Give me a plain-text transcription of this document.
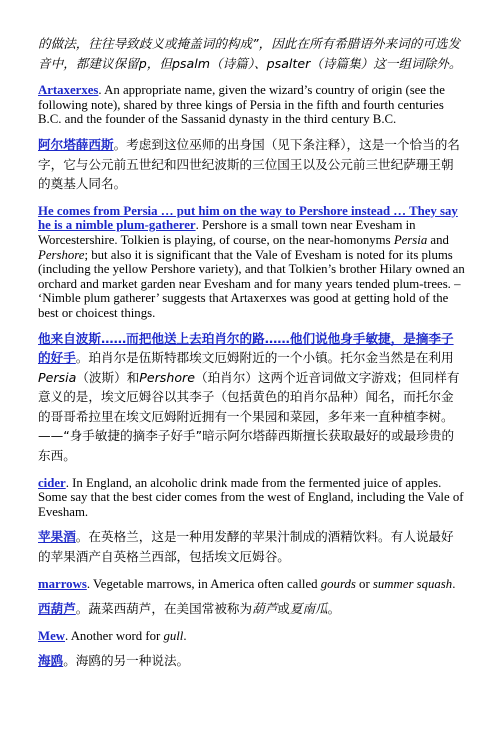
的做法，往往导致歧义或掩盖词的构成”，因此在所有希腊语外来词的可选发音中，都建议保留p，但psalm（诗篇）、psalter（诗篇集）这一组词除外。

Artaxerxes. An appropriate name, given the wizard’s country of origin (see the following note), shared by three kings of Persia in the fifth and fourth centuries B.C. and the founder of the Sassanid dynasty in the third century B.C.

阿尔塔薛西斯。考虑到这位巫师的出身国（见下条注释），这是一个恰当的名字，它与公元前五世纪和四世纪波斯的三位国王以及公元前三世纪萨珊王朝的奠基人同名。

He comes from Persia … put him on the way to Pershore instead … They say he is a nimble plum-gatherer. Pershore is a small town near Evesham in Worcestershire. Tolkien is playing, of course, on the near-homonyms Persia and Pershore; but also it is significant that the Vale of Evesham is noted for its plums (including the yellow Pershore variety), and that Tolkien’s brother Hilary owned an orchard and market garden near Evesham and for many years tended plum-trees. – ‘Nimble plum gatherer’ suggests that Artaxerxes was good at getting hold of the best or choicest things.

他来自波斯……而把他送上去珀肖尔的路……他们说他身手敏捷，是摘李子的好手。珀肖尔是伍斯特郡埃文厄姆附近的一个小镇。托尔金当然是在利用Persia（波斯）和Pershore（珀肖尔）这两个近音词做文字游戏；但同样有意义的是，埃文厄姆谷以其李子（包括黄色的珀肖尔品种）闻名，而托尔金的哥哥希拉里在埃文厄姆附近拥有一个果园和菜园，多年来一直种植李树。——“身手敏捷的摘李子好手”暗示阿尔塔薛西斯擅长获取最好的或最珍贵的东西。

cider. In England, an alcoholic drink made from the fermented juice of apples. Some say that the best cider comes from the west of England, including the Vale of Evesham.

苹果酒。在英格兰，这是一种用发酵的苹果汁制成的酒精饮料。有人说最好的苹果酒产自英格兰西部，包括埃文厄姆谷。

marrows. Vegetable marrows, in America often called gourds or summer squash.

西葫芦。蔬菜西葫芦，在美国常被称为葫芦或夏南瓜。

Mew. Another word for gull.

海鸥。海鸥的另一种说法。
